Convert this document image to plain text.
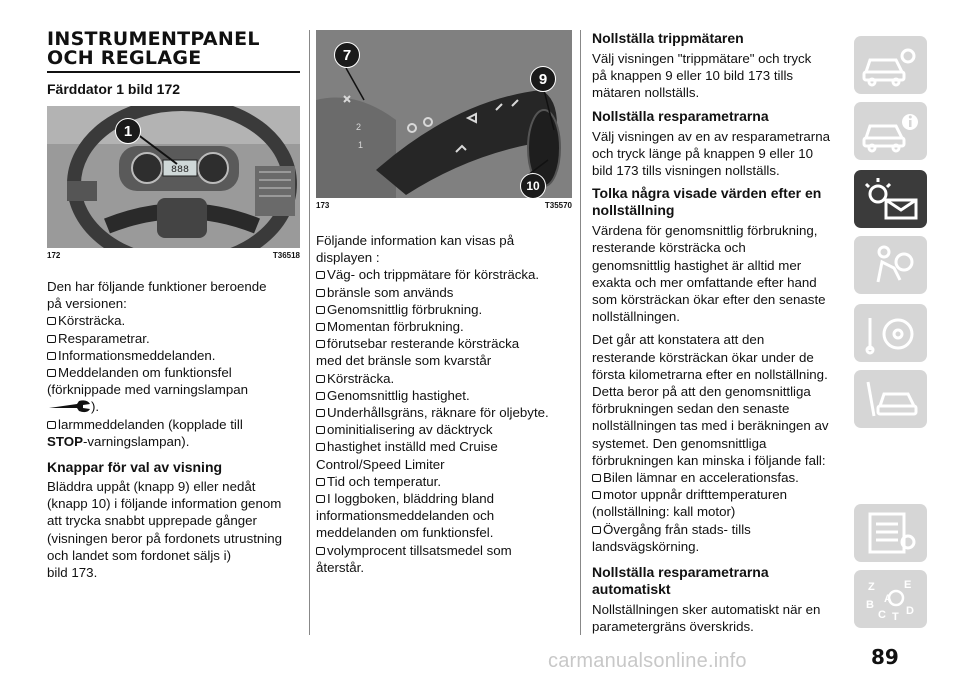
INSTRUMENTPANEL
OCH REGLAGE
Färddator 1 bild 172
888
1
172	T36518

Den har följande funktioner beroende
på versionen:

Körsträcka.
Resparametrar.
Informationsmeddelanden.
Meddelanden om funktionsfel
(förknippade med varningslampan
).
larmmeddelanden (kopplade till
STOP-varningslampan).
Knappar för val av visning

Bläddra uppåt (knapp 9) eller nedåt
(knapp 10) i följande information genom
att trycka snabbt upprepade gånger
(visningen beror på fordonets utrustning
och landet som fordonet säljs i)
bild 173.

2
1
7
9
10
173	T35570

Följande information kan visas på
displayen :

Väg- och trippmätare för körsträcka.
bränsle som används
Genomsnittlig förbrukning.
Momentan förbrukning.
förutsebar resterande körsträcka
med det bränsle som kvarstår
Körsträcka.
Genomsnittlig hastighet.
Underhållsgräns, räknare för oljebyte.
ominitialisering av däcktryck
hastighet inställd med Cruise
Control/Speed Limiter
Tid och temperatur.
I loggboken, bläddring bland
informationsmeddelanden och
meddelanden om funktionsfel.
volymprocent tillsatsmedel som
återstår.
Nollställa trippmätaren

Välj visningen "trippmätare" och tryck
på knappen 9 eller 10 bild 173 tills
mätaren nollställs.

Nollställa resparametrarna

Välj visningen av en av resparametrarna
och tryck länge på knappen 9 eller 10
bild 173 tills visningen nollställs.

Tolka några visade värden efter en
nollställning

Värdena för genomsnittlig förbrukning,
resterande körsträcka och
genomsnittlig hastighet är alltid mer
exakta och mer omfattande efter hand
som körsträckan ökar efter den senaste
nollställningen.

Det går att konstatera att den
resterande körsträckan ökar under de
första kilometrarna efter en nollställning.
Detta beror på att den genomsnittliga
förbrukningen sedan den senaste
nollställningen tas med i beräkningen av
systemet. Den genomsnittliga
förbrukningen kan minska i följande fall:

Bilen lämnar en accelerationsfas.
motor uppnår drifttemperaturen
(nollställning: kall motor)
Övergång från stads- tills
landsvägskörning.
Nollställa resparametrarna
automatiskt

Nollställningen sker automatiskt när en
parametergräns överskrids.

Z	E
B A
C D
T
89
carmanualsonline.info
